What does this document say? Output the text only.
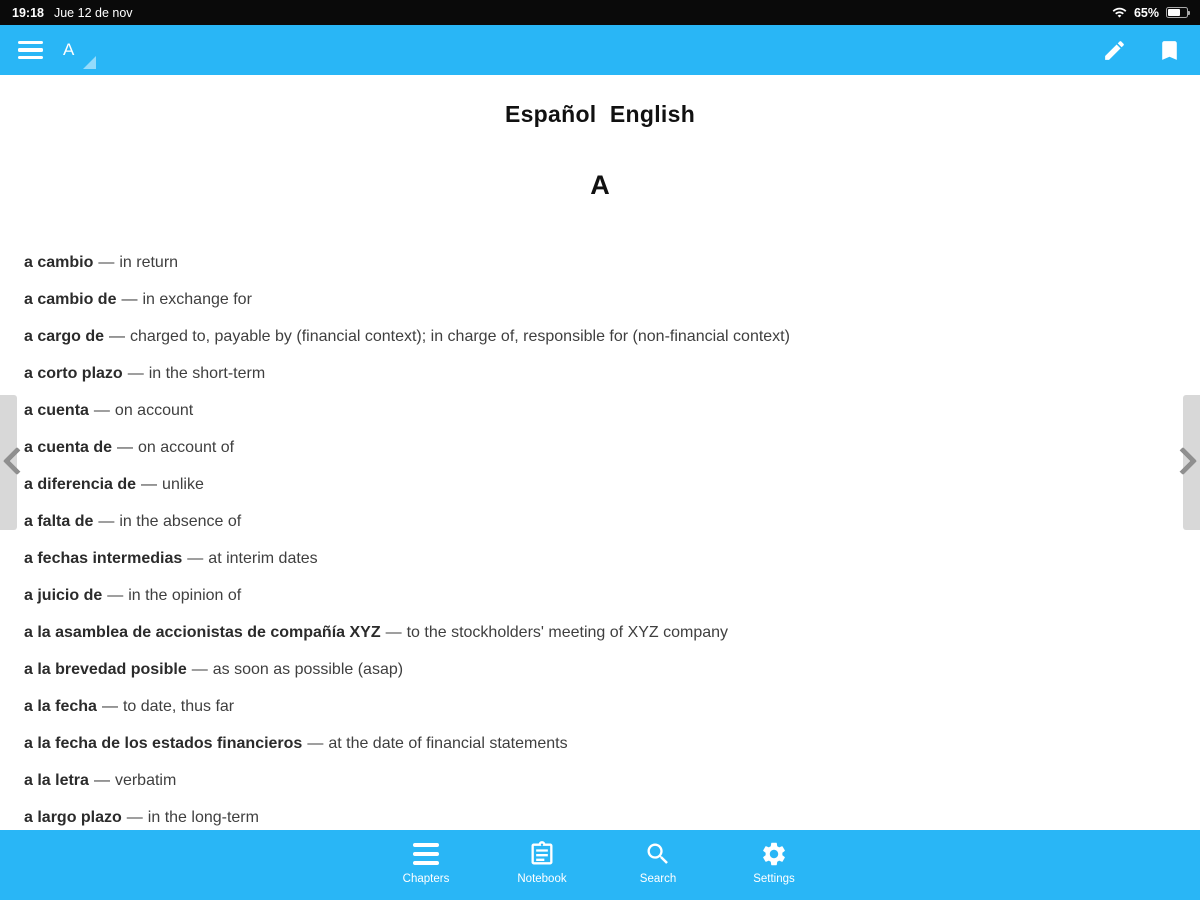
19:18 Jue 12 de nov	65%
A
Español  English
A
a cambio — in return
a cambio de — in exchange for
a cargo de — charged to, payable by (financial context); in charge of, responsible for (non-financial context)
a corto plazo — in the short-term
a cuenta — on account
a cuenta de — on account of
a diferencia de — unlike
a falta de — in the absence of
a fechas intermedias — at interim dates
a juicio de — in the opinion of
a la asamblea de accionistas de compañía XYZ — to the stockholders' meeting of XYZ company
a la brevedad posible — as soon as possible (asap)
a la fecha — to date, thus far
a la fecha de los estados financieros — at the date of financial statements
a la letra — verbatim
a largo plazo — in the long-term
Chapters	Notebook	Search	Settings
